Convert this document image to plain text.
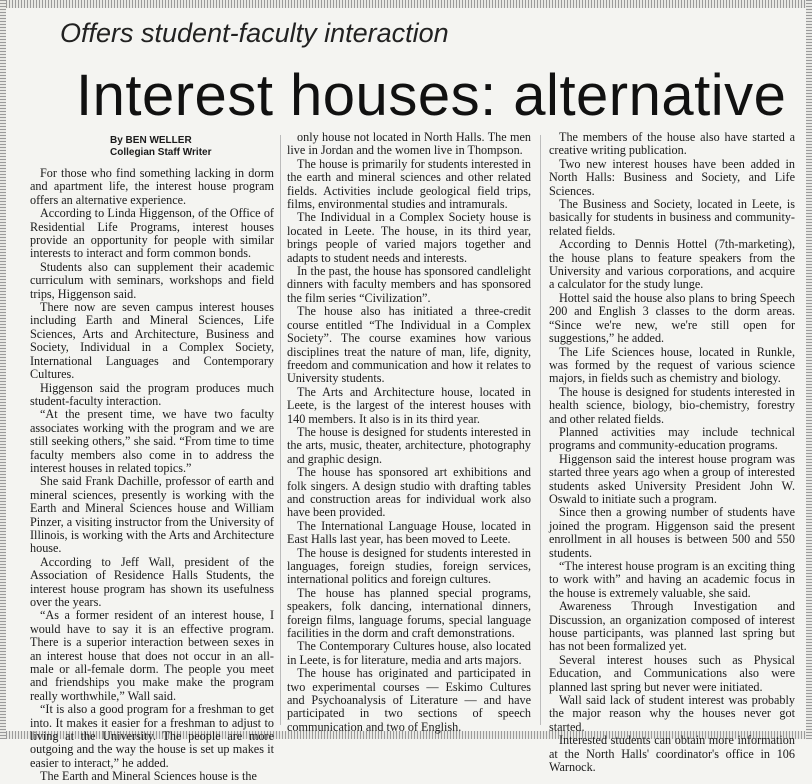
Offers student-faculty interaction
Interest houses: alternative
By BEN WELLER
Collegian Staff Writer

For those who find something lacking in dorm and apartment life, the interest house program offers an alternative experience.

According to Linda Higgenson, of the Office of Residential Life Programs, interest houses provide an opportunity for people with similar interests to interact and form common bonds.

Students also can supplement their academic curriculum with seminars, workshops and field trips, Higgenson said.

There now are seven campus interest houses including Earth and Mineral Sciences, Life Sciences, Arts and Architecture, Business and Society, Individual in a Complex Society, International Languages and Contemporary Cultures.

Higgenson said the program produces much student-faculty interaction.

“At the present time, we have two faculty associates working with the program and we are still seeking others,” she said. “From time to time faculty members also come in to address the interest houses in related topics.”

She said Frank Dachille, professor of earth and mineral sciences, presently is working with the Earth and Mineral Sciences house and William Pinzer, a visiting instructor from the University of Illinois, is working with the Arts and Architecture house.

According to Jeff Wall, president of the Association of Residence Halls Students, the interest house program has shown its usefulness over the years.

“As a former resident of an interest house, I would have to say it is an effective program. There is a superior interaction between sexes in an interest house that does not occur in an all-male or all-female dorm. The people you meet and friendships you make make the program really worthwhile,” Wall said.

“It is also a good program for a freshman to get into. It makes it easier for a freshman to adjust to living at the University. The people are more outgoing and the way the house is set up makes it easier to interact,” he added.

The Earth and Mineral Sciences house is the

only house not located in North Halls. The men live in Jordan and the women live in Thompson.

The house is primarily for students interested in the earth and mineral sciences and other related fields. Activities include geological field trips, films, environmental studies and intramurals.

The Individual in a Complex Society house is located in Leete. The house, in its third year, brings people of varied majors together and adapts to student needs and interests.

In the past, the house has sponsored candlelight dinners with faculty members and has sponsored the film series “Civilization”.

The house also has initiated a three-credit course entitled “The Individual in a Complex Society”. The course examines how various disciplines treat the nature of man, life, dignity, freedom and communication and how it relates to University students.

The Arts and Architecture house, located in Leete, is the largest of the interest houses with 140 members. It also is in its third year.

The house is designed for students interested in the arts, music, theater, architecture, photography and graphic design.

The house has sponsored art exhibitions and folk singers. A design studio with drafting tables and construction areas for individual work also have been provided.

The International Language House, located in East Halls last year, has been moved to Leete.

The house is designed for students interested in languages, foreign studies, foreign services, international politics and foreign cultures.

The house has planned special programs, speakers, folk dancing, international dinners, foreign films, language forums, special language facilities in the dorm and craft demonstrations.

The Contemporary Cultures house, also located in Leete, is for literature, media and arts majors.

The house has originated and participated in two experimental courses — Eskimo Cultures and Psychoanalysis of Literature — and have participated in two sections of speech communication and two of English.

The members of the house also have started a creative writing publication.

Two new interest houses have been added in North Halls: Business and Society, and Life Sciences.

The Business and Society, located in Leete, is basically for students in business and community-related fields.

According to Dennis Hottel (7th-marketing), the house plans to feature speakers from the University and various corporations, and acquire a calculator for the study lunge.

Hottel said the house also plans to bring Speech 200 and English 3 classes to the dorm areas. “Since we're new, we're still open for suggestions,” he added.

The Life Sciences house, located in Runkle, was formed by the request of various science majors, in fields such as chemistry and biology.

The house is designed for students interested in health science, biology, bio-chemistry, forestry and other related fields.

Planned activities may include technical programs and community-education programs.

Higgenson said the interest house program was started three years ago when a group of interested students asked University President John W. Oswald to initiate such a program.

Since then a growing number of students have joined the program. Higgenson said the present enrollment in all houses is between 500 and 550 students.

“The interest house program is an exciting thing to work with” and having an academic focus in the house is extremely valuable, she said.

Awareness Through Investigation and Discussion, an organization composed of interest house participants, was planned last spring but has not been formalized yet.

Several interest houses such as Physical Education, and Communications also were planned last spring but never were initiated.

Wall said lack of student interest was probably the major reason why the houses never got started.

Interested students can obtain more information at the North Halls' coordinator's office in 106 Warnock.
